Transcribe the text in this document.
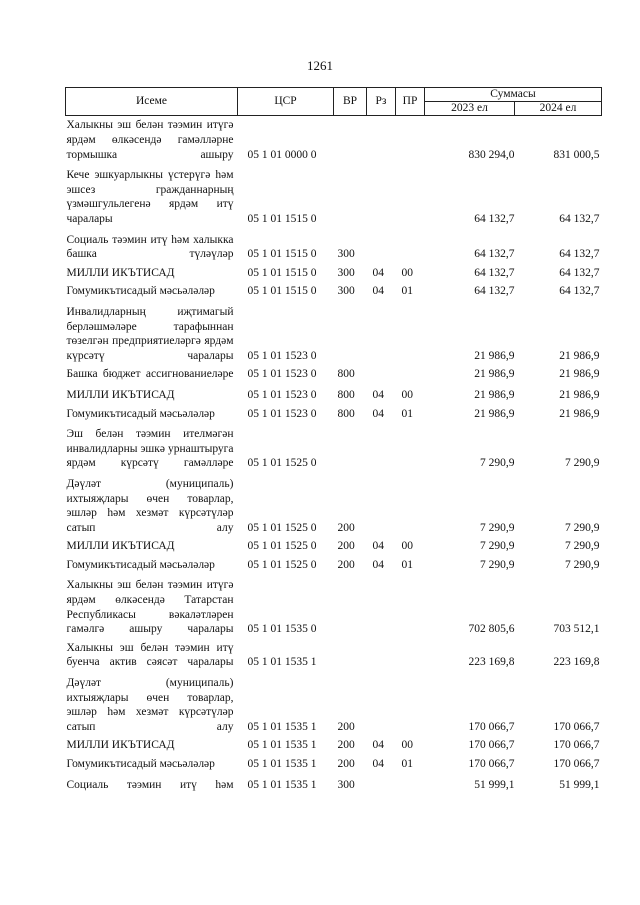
1261
Исеме	ЦСР	ВР	Рз	ПР	Суммасы	
					2023 ел	2024 ел
Халыкны эш белән тәэмин итүгә ярдәм өлкәсендә гамәлләрне тормышка ашыру	05 1 01 0000 0				830 294,0	831 000,5
Кече эшкуарлыкны үстерүгә һәм эшсез гражданнарның үзмәшгульлегенә ярдәм итү чаралары	05 1 01 1515 0				64 132,7	64 132,7
Социаль тәэмин итү һәм халыкка башка түләүләр	05 1 01 1515 0	300			64 132,7	64 132,7
МИЛЛИ ИКЪТИСАД	05 1 01 1515 0	300	04	00	64 132,7	64 132,7
Гомумикътисадый мәсьәләләр	05 1 01 1515 0	300	04	01	64 132,7	64 132,7
Инвалидларның иҗтимагый берләшмәләре тарафыннан төзелгән предприятиеләргә ярдәм күрсәтү чаралары	05 1 01 1523 0				21 986,9	21 986,9
Башка бюджет ассигнованиеләре	05 1 01 1523 0	800			21 986,9	21 986,9
МИЛЛИ ИКЪТИСАД	05 1 01 1523 0	800	04	00	21 986,9	21 986,9
Гомумикътисадый мәсьәләләр	05 1 01 1523 0	800	04	01	21 986,9	21 986,9
Эш белән тәэмин ителмәгән инвалидларны эшкә урнаштыруга ярдәм күрсәтү гамәлләре	05 1 01 1525 0				7 290,9	7 290,9
Дәүләт (муниципаль) ихтыяҗлары өчен товарлар, эшләр һәм хезмәт күрсәтүләр сатып алу	05 1 01 1525 0	200			7 290,9	7 290,9
МИЛЛИ ИКЪТИСАД	05 1 01 1525 0	200	04	00	7 290,9	7 290,9
Гомумикътисадый мәсьәләләр	05 1 01 1525 0	200	04	01	7 290,9	7 290,9
Халыкны эш белән тәэмин итүгә ярдәм өлкәсендә Татарстан Республикасы вәкаләтләрен гамәлгә ашыру чаралары	05 1 01 1535 0				702 805,6	703 512,1
Халыкны эш белән тәэмин итү буенча актив сәясәт чаралары	05 1 01 1535 1				223 169,8	223 169,8
Дәүләт (муниципаль) ихтыяҗлары өчен товарлар, эшләр һәм хезмәт күрсәтүләр сатып алу	05 1 01 1535 1	200			170 066,7	170 066,7
МИЛЛИ ИКЪТИСАД	05 1 01 1535 1	200	04	00	170 066,7	170 066,7
Гомумикътисадый мәсьәләләр	05 1 01 1535 1	200	04	01	170 066,7	170 066,7
Социаль тәэмин итү һәм	05 1 01 1535 1	300			51 999,1	51 999,1
